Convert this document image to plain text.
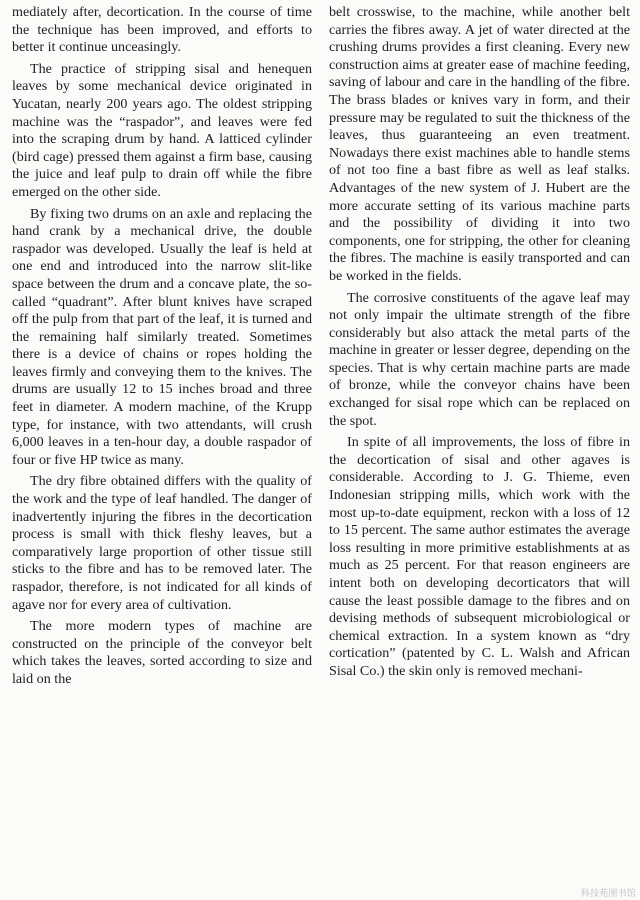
mediately after, decortication. In the course of time the technique has been improved, and efforts to better it continue unceasingly.

The practice of stripping sisal and henequen leaves by some mechanical device originated in Yucatan, nearly 200 years ago. The oldest stripping machine was the “raspador”, and leaves were fed into the scraping drum by hand. A latticed cylinder (bird cage) pressed them against a firm base, causing the juice and leaf pulp to drain off while the fibre emerged on the other side.

By fixing two drums on an axle and replacing the hand crank by a mechanical drive, the double raspador was developed. Usually the leaf is held at one end and introduced into the narrow slit-like space between the drum and a concave plate, the so-called “quadrant”. After blunt knives have scraped off the pulp from that part of the leaf, it is turned and the remaining half similarly treated. Sometimes there is a device of chains or ropes holding the leaves firmly and conveying them to the knives. The drums are usually 12 to 15 inches broad and three feet in diameter. A modern machine, of the Krupp type, for instance, with two attendants, will crush 6,000 leaves in a ten-hour day, a double raspador of four or five HP twice as many.

The dry fibre obtained differs with the quality of the work and the type of leaf handled. The danger of inadvertently injuring the fibres in the decortication process is small with thick fleshy leaves, but a comparatively large proportion of other tissue still sticks to the fibre and has to be removed later. The raspador, therefore, is not indicated for all kinds of agave nor for every area of cultivation.

The more modern types of machine are constructed on the principle of the conveyor belt which takes the leaves, sorted according to size and laid on the

belt crosswise, to the machine, while another belt carries the fibres away. A jet of water directed at the crushing drums provides a first cleaning. Every new construction aims at greater ease of machine feeding, saving of labour and care in the handling of the fibre. The brass blades or knives vary in form, and their pressure may be regulated to suit the thickness of the leaves, thus guaranteeing an even treatment. Nowadays there exist machines able to handle stems of not too fine a bast fibre as well as leaf stalks. Advantages of the new system of J. Hubert are the more accurate setting of its various machine parts and the possibility of dividing it into two components, one for stripping, the other for cleaning the fibres. The machine is easily transported and can be worked in the fields.

The corrosive constituents of the agave leaf may not only impair the ultimate strength of the fibre considerably but also attack the metal parts of the machine in greater or lesser degree, depending on the species. That is why certain machine parts are made of bronze, while the conveyor chains have been exchanged for sisal rope which can be replaced on the spot.

In spite of all improvements, the loss of fibre in the decortication of sisal and other agaves is considerable. According to J. G. Thieme, even Indonesian stripping mills, which work with the most up-to-date equipment, reckon with a loss of 12 to 15 percent. The same author estimates the average loss resulting in more primitive establishments at as much as 25 percent. For that reason engineers are intent both on developing decorticators that will cause the least possible damage to the fibres and on devising methods of subsequent microbiological or chemical extraction. In a system known as “dry cortication” (patented by C. L. Walsh and African Sisal Co.) the skin only is removed mechani-

科技苑图书馆
